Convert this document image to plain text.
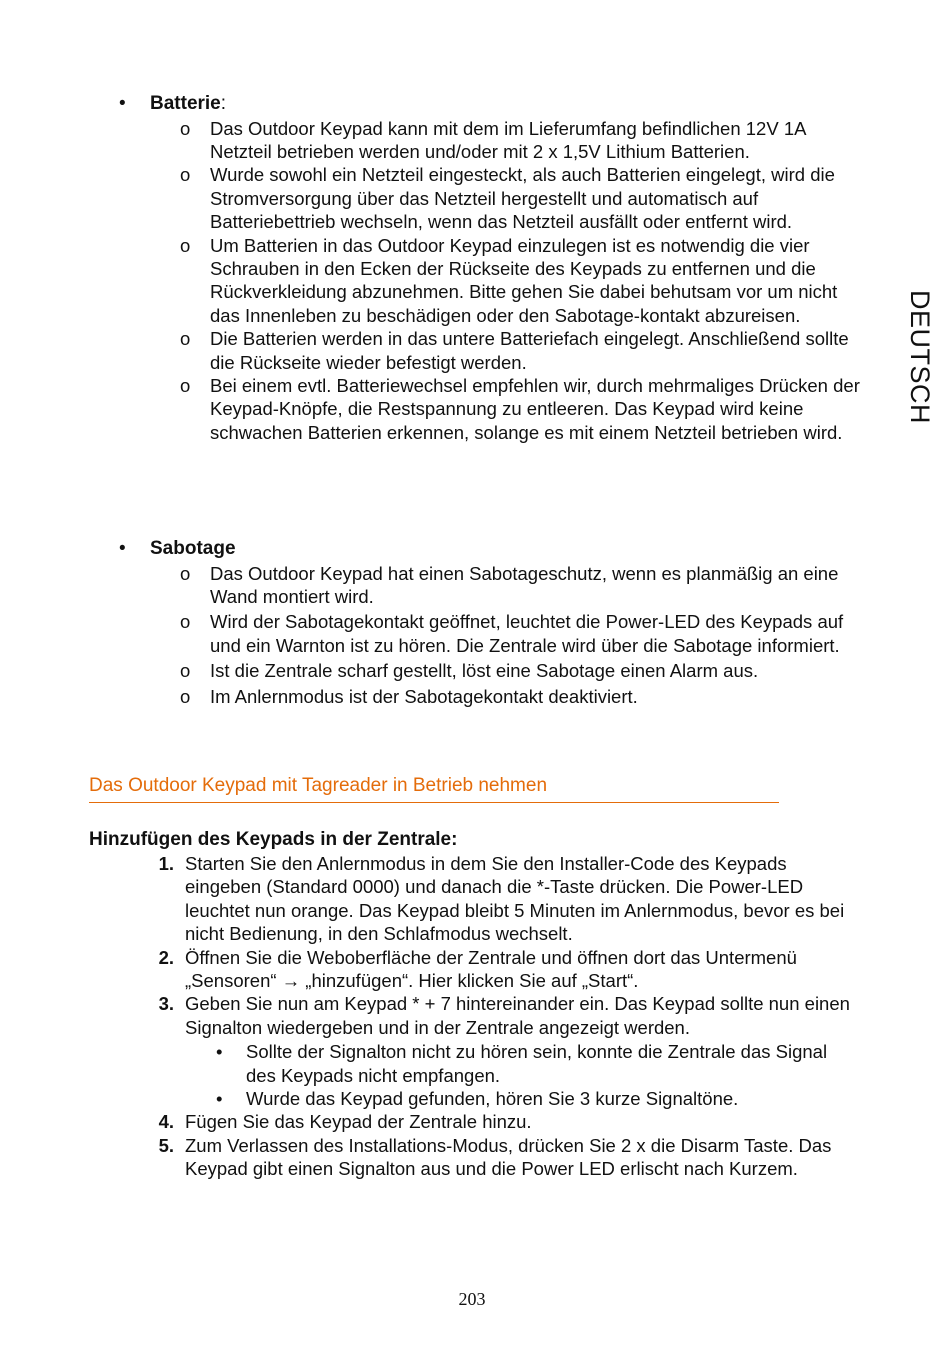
DEUTSCH
• Batterie:
o Das Outdoor Keypad kann mit dem im Lieferumfang befindlichen 12V 1A Netzteil betrieben werden und/oder mit 2 x 1,5V Lithium Batterien.
o Wurde sowohl ein Netzteil eingesteckt, als auch Batterien eingelegt, wird die Stromversorgung über das Netzteil hergestellt und automatisch auf Batteriebettrieb wechseln, wenn das Netzteil ausfällt oder entfernt wird.
o Um Batterien in das Outdoor Keypad einzulegen ist es notwendig die vier Schrauben in den Ecken der Rückseite des Keypads zu entfernen und die Rückverkleidung abzunehmen. Bitte gehen Sie dabei behutsam vor um nicht das Innenleben zu beschädigen oder den Sabotage-kontakt abzureisen.
o Die Batterien werden in das untere Batteriefach eingelegt. Anschließend sollte die Rückseite wieder befestigt werden.
o Bei einem evtl. Batteriewechsel empfehlen wir, durch mehrmaliges Drücken der Keypad-Knöpfe, die Restspannung zu entleeren. Das Keypad wird keine schwachen Batterien erkennen, solange es mit einem Netzteil betrieben wird.
• Sabotage
o Das Outdoor Keypad hat einen Sabotageschutz, wenn es planmäßig an eine Wand montiert wird.
o Wird der Sabotagekontakt geöffnet, leuchtet die Power-LED des Keypads auf und ein Warnton ist zu hören. Die Zentrale wird über die Sabotage informiert.
o Ist die Zentrale scharf gestellt, löst eine Sabotage einen Alarm aus.
o Im Anlernmodus ist der Sabotagekontakt deaktiviert.
Das Outdoor Keypad mit Tagreader in Betrieb nehmen
Hinzufügen des Keypads in der Zentrale:
1. Starten Sie den Anlernmodus in dem Sie den Installer-Code des Keypads eingeben (Standard 0000) und danach die *-Taste drücken. Die Power-LED leuchtet nun orange. Das Keypad bleibt 5 Minuten im Anlernmodus, bevor es bei nicht Bedienung, in den Schlafmodus wechselt.
2. Öffnen Sie die Weboberfläche der Zentrale und öffnen dort das Untermenü „Sensoren“ → „hinzufügen“. Hier klicken Sie auf „Start“.
3. Geben Sie nun am Keypad * + 7 hintereinander ein. Das Keypad sollte nun einen Signalton wiedergeben und in der Zentrale angezeigt werden.
• Sollte der Signalton nicht zu hören sein, konnte die Zentrale das Signal des Keypads nicht empfangen.
• Wurde das Keypad gefunden, hören Sie 3 kurze Signaltöne.
4. Fügen Sie das Keypad der Zentrale hinzu.
5. Zum Verlassen des Installations-Modus, drücken Sie 2 x die Disarm Taste. Das Keypad gibt einen Signalton aus und die Power LED erlischt nach Kurzem.
203
